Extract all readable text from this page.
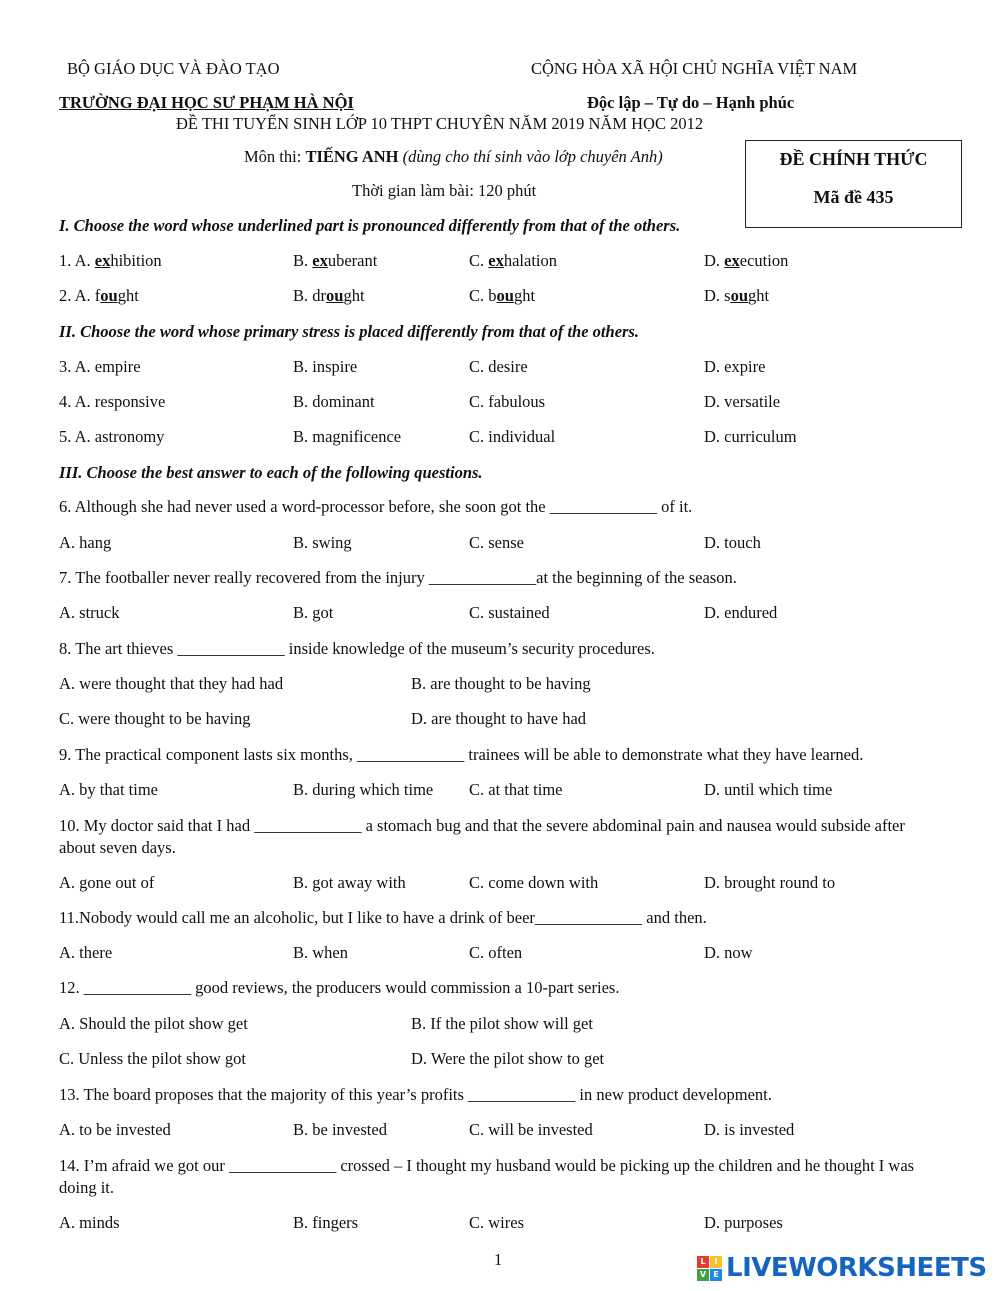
BỘ GIÁO DỤC VÀ ĐÀO TẠO	CỘNG HÒA XÃ HỘI CHỦ NGHĨA VIỆT NAM
TRƯỜNG ĐẠI HỌC SƯ PHẠM HÀ NỘI	Độc lập – Tự do – Hạnh phúc
ĐỀ THI TUYỂN SINH LỚP 10 THPT CHUYÊN NĂM 2019 NĂM HỌC 2012
Môn thi: TIẾNG ANH (dùng cho thí sinh vào lớp chuyên Anh)
Thời gian làm bài: 120 phút
ĐỀ CHÍNH THỨC
Mã đề 435
I. Choose the word whose underlined part is pronounced differently from that of the others.
1. A. exhibition	B. exuberant	C. exhalation	D. execution
2. A. fought	B. drought	C. bought	D. sought
II. Choose the word whose primary stress is placed differently from that of the others.
3. A. empire	B. inspire	C. desire	D. expire
4. A. responsive	B. dominant	C. fabulous	D. versatile
5. A. astronomy	B. magnificence	C. individual	D. curriculum
III. Choose the best answer to each of the following questions.
6. Although she had never used a word-processor before, she soon got the _____________ of it.
A. hang	B. swing	C. sense	D. touch
7. The footballer never really recovered from the injury _____________at the beginning of the season.
A. struck	B. got	C. sustained	D. endured
8. The art thieves _____________ inside knowledge of the museum’s security procedures.
A. were thought that they had had	B. are thought to be having
C. were thought to be having	D. are thought to have had
9. The practical component lasts six months, _____________ trainees will be able to demonstrate what they have learned.
A. by that time	B. during which time C. at that time	D. until which time
10. My doctor said that I had _____________ a stomach bug and that the severe abdominal pain and nausea would subside after about seven days.
A. gone out of	B. got away with	C. come down with	D. brought round to
11.Nobody would call me an alcoholic, but I like to have a drink of beer_____________ and then.
A. there	B. when	C. often	D. now
12. _____________ good reviews, the producers would commission a 10-part series.
A. Should the pilot show get	B. If the pilot show will get
C. Unless the pilot show got	D. Were the pilot show to get
13. The board proposes that the majority of this year’s profits _____________ in new product development.
A. to be invested	B. be invested	C. will be invested	D. is invested
14. I’m afraid we got our _____________ crossed – I thought my husband would be picking up the children and he thought I was doing it.
A. minds	B. fingers	C. wires	D. purposes
1	L	I
V E LIVEWORKSHEETS
